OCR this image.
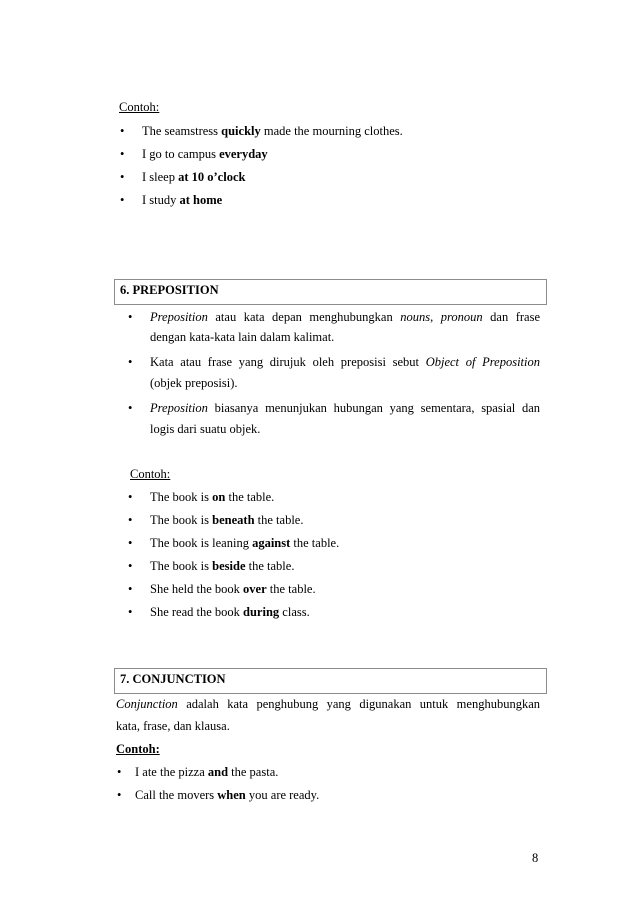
Contoh:
• The seamstress quickly made the mourning clothes.
• I go to campus everyday
• I sleep at 10 o’clock
• I study at home
6. PREPOSITION
• Preposition atau kata depan menghubungkan nouns, pronoun dan frase
dengan kata-kata lain dalam kalimat.
• Kata atau frase yang dirujuk oleh preposisi sebut Object of Preposition
(objek preposisi).
• Preposition biasanya menunjukan hubungan yang sementara, spasial dan
logis dari suatu objek.
Contoh:
• The book is on the table.
• The book is beneath the table.
• The book is leaning against the table.
• The book is beside the table.
• She held the book over the table.
• She read the book during class.
7. CONJUNCTION
Conjunction adalah kata penghubung yang digunakan untuk menghubungkan
kata, frase, dan klausa.
Contoh:
• I ate the pizza and the pasta.
• Call the movers when you are ready.
8
